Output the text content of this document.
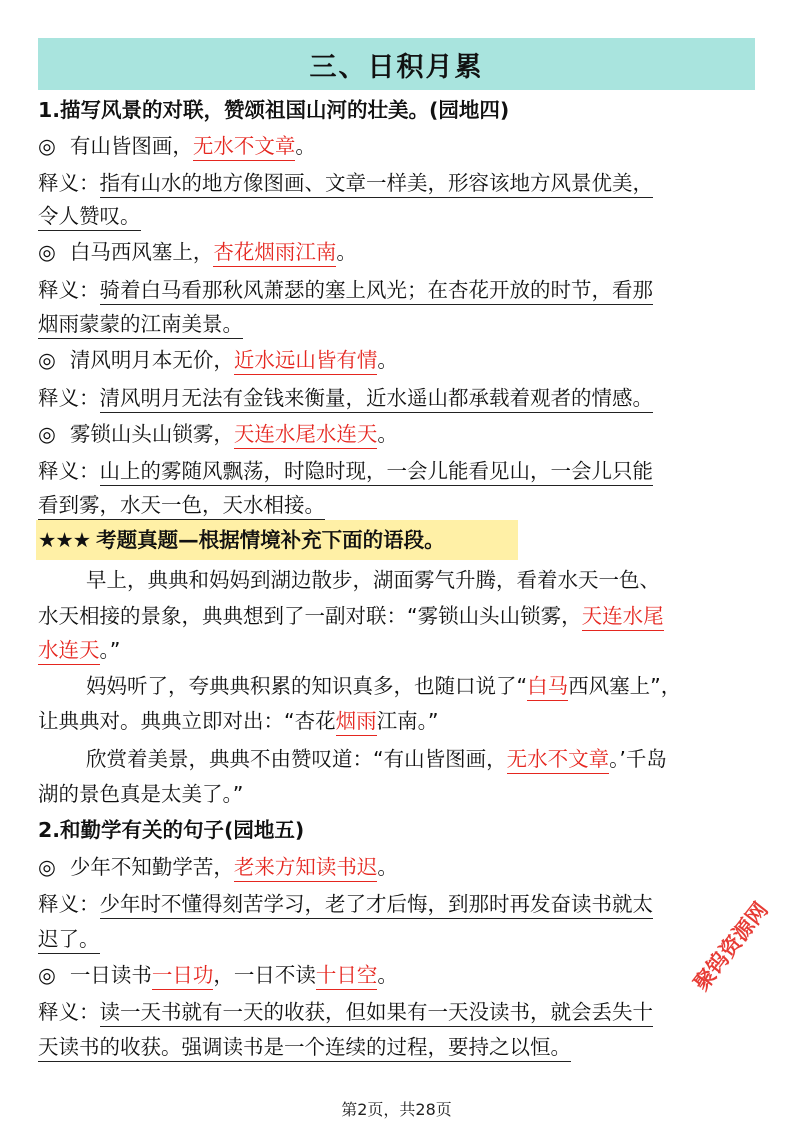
三、日积月累
1.描写风景的对联，赞颂祖国山河的壮美。(园地四)
◎ 有山皆图画，无水不文章。
释义：指有山水的地方像图画、文章一样美，形容该地方风景优美，
令人赞叹。
◎ 白马西风塞上，杏花烟雨江南。
释义：骑着白马看那秋风萧瑟的塞上风光；在杏花开放的时节，看那
烟雨蒙蒙的江南美景。
◎ 清风明月本无价，近水远山皆有情。
释义：清风明月无法有金钱来衡量，近水遥山都承载着观者的情感。
◎ 雾锁山头山锁雾，天连水尾水连天。
释义：山上的雾随风飘荡，时隐时现，一会儿能看见山，一会儿只能
看到雾，水天一色，天水相接。
★★★ 考题真题—根据情境补充下面的语段。
早上，典典和妈妈到湖边散步，湖面雾气升腾，看着水天一色、
水天相接的景象，典典想到了一副对联：“雾锁山头山锁雾，天连水尾
水连天。”
妈妈听了，夸典典积累的知识真多，也随口说了“白马西风塞上”，
让典典对。典典立即对出：“杏花烟雨江南。”
欣赏着美景，典典不由赞叹道：“有山皆图画，无水不文章。’千岛
湖的景色真是太美了。”
2.和勤学有关的句子(园地五)
◎ 少年不知勤学苦，老来方知读书迟。
释义：少年时不懂得刻苦学习，老了才后悔，到那时再发奋读书就太
迟了。
◎ 一日读书一日功，一日不读十日空。
释义：读一天书就有一天的收获，但如果有一天没读书，就会丢失十
天读书的收获。强调读书是一个连续的过程，要持之以恒。
聚钨资源网
第2页，共28页
